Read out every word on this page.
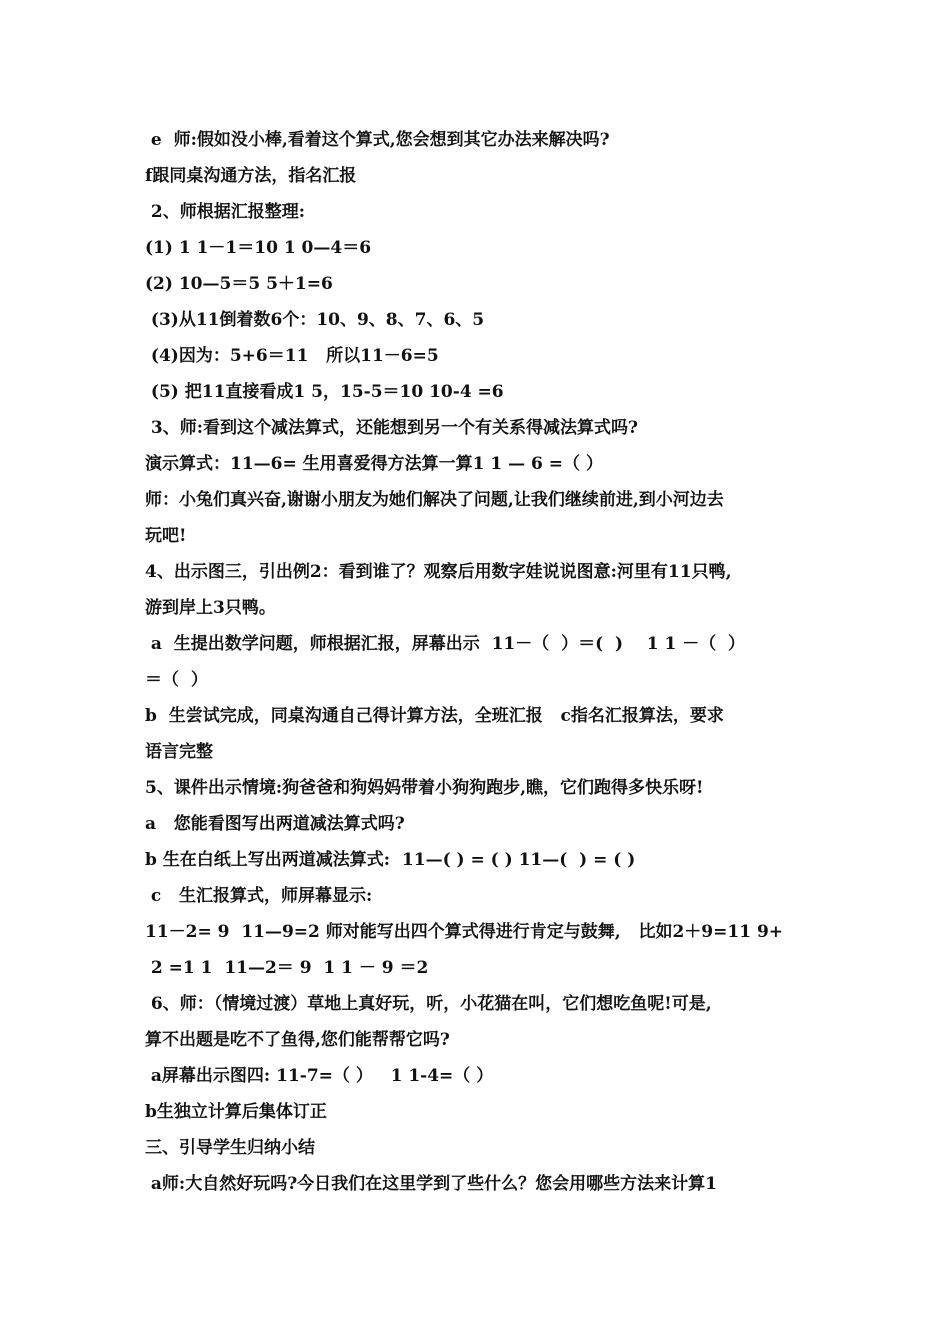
e  师:假如没小棒,看着这个算式,您会想到其它办法来解决吗?
f跟同桌沟通方法，指名汇报
2、师根据汇报整理:
(1) 1 1－1＝10 1 0—4＝6
(2) 10—5＝5 5＋1=6
(3)从11倒着数6个：10、9、8、7、6、5
(4)因为：5+6＝11   所以11－6=5
(5) 把11直接看成1 5，15-5＝10 10-4 =6
3、师:看到这个减法算式，还能想到另一个有关系得减法算式吗?
演示算式：11—6= 生用喜爱得方法算一算1 1 — 6 =（ ）
师：小兔们真兴奋,谢谢小朋友为她们解决了问题,让我们继续前进,到小河边去
玩吧!
4、出示图三，引出例2：看到谁了？观察后用数字娃说说图意:河里有11只鸭,
游到岸上3只鸭。
a  生提出数学问题，师根据汇报，屏幕出示  11－（  ）＝(  )    1 1 －（  ）
＝（  ）
b  生尝试完成，同桌沟通自己得计算方法，全班汇报   c指名汇报算法，要求
语言完整
5、课件出示情境:狗爸爸和狗妈妈带着小狗狗跑步,瞧，它们跑得多快乐呀!
a   您能看图写出两道减法算式吗?
b 生在白纸上写出两道减法算式:  11—( ) = ( ) 11—(  ) = ( )
c   生汇报算式，师屏幕显示:
11－2= 9  11—9=2 师对能写出四个算式得进行肯定与鼓舞,   比如2＋9=11 9+
2 =1 1  11—2＝ 9  1 1 － 9 ＝2
6、师：（情境过渡）草地上真好玩，听，小花猫在叫，它们想吃鱼呢!可是,
算不出题是吃不了鱼得,您们能帮帮它吗?
a屏幕出示图四: 11-7=（ ）   1 1-4=（ ）
b生独立计算后集体订正
三、引导学生归纳小结
a师:大自然好玩吗?今日我们在这里学到了些什么？您会用哪些方法来计算1
